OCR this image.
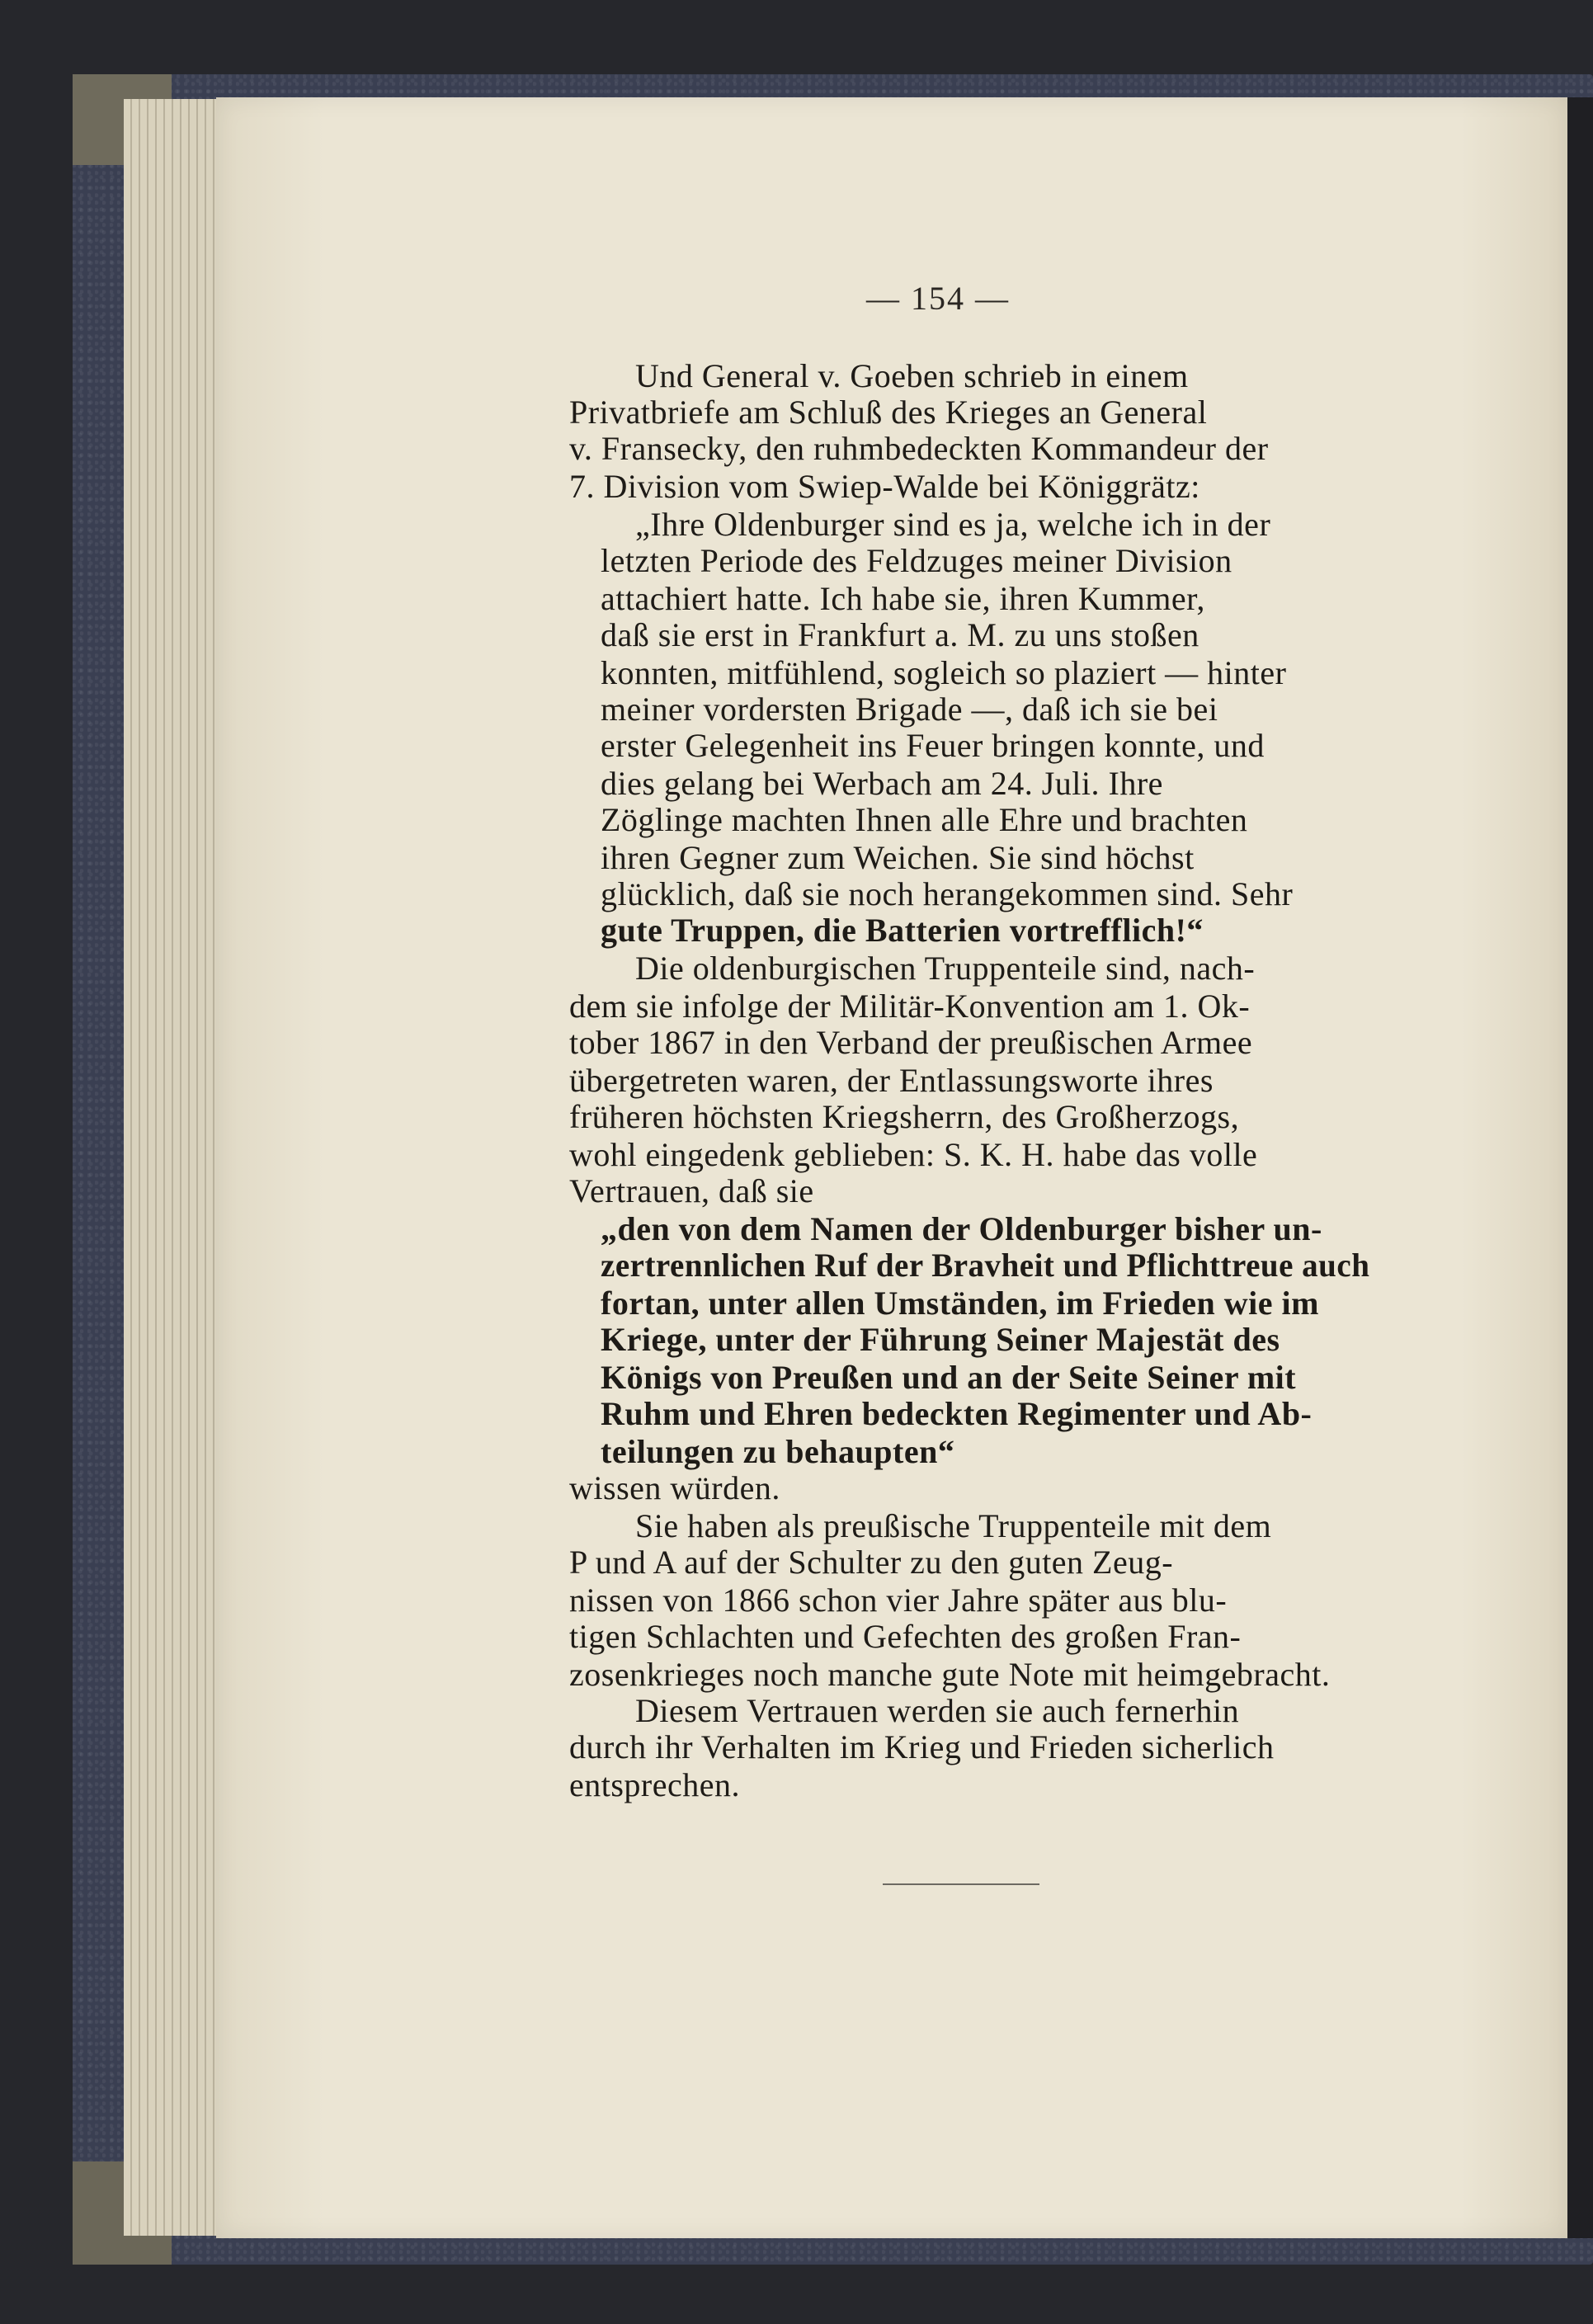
— 154 —
Und General v. Goeben schrieb in einem
Privatbriefe am Schluß des Krieges an General
v. Fransecky, den ruhmbedeckten Kommandeur der
7. Division vom Swiep-Walde bei Königgrätz:
„Ihre Oldenburger sind es ja, welche ich in der
letzten Periode des Feldzuges meiner Division
attachiert hatte. Ich habe sie, ihren Kummer,
daß sie erst in Frankfurt a. M. zu uns stoßen
konnten, mitfühlend, sogleich so plaziert — hinter
meiner vordersten Brigade —, daß ich sie bei
erster Gelegenheit ins Feuer bringen konnte, und
dies gelang bei Werbach am 24. Juli. Ihre
Zöglinge machten Ihnen alle Ehre und brachten
ihren Gegner zum Weichen. Sie sind höchst
glücklich, daß sie noch herangekommen sind. Sehr
gute Truppen, die Batterien vortrefflich!“
Die oldenburgischen Truppenteile sind, nach-
dem sie infolge der Militär-Konvention am 1. Ok-
tober 1867 in den Verband der preußischen Armee
übergetreten waren, der Entlassungsworte ihres
früheren höchsten Kriegsherrn, des Großherzogs,
wohl eingedenk geblieben: S. K. H. habe das volle
Vertrauen, daß sie
„den von dem Namen der Oldenburger bisher un-
zertrennlichen Ruf der Bravheit und Pflichttreue auch
fortan, unter allen Umständen, im Frieden wie im
Kriege, unter der Führung Seiner Majestät des
Königs von Preußen und an der Seite Seiner mit
Ruhm und Ehren bedeckten Regimenter und Ab-
teilungen zu behaupten“
wissen würden.
Sie haben als preußische Truppenteile mit dem
P und A auf der Schulter zu den guten Zeug-
nissen von 1866 schon vier Jahre später aus blu-
tigen Schlachten und Gefechten des großen Fran-
zosenkrieges noch manche gute Note mit heimgebracht.
Diesem Vertrauen werden sie auch fernerhin
durch ihr Verhalten im Krieg und Frieden sicherlich
entsprechen.
